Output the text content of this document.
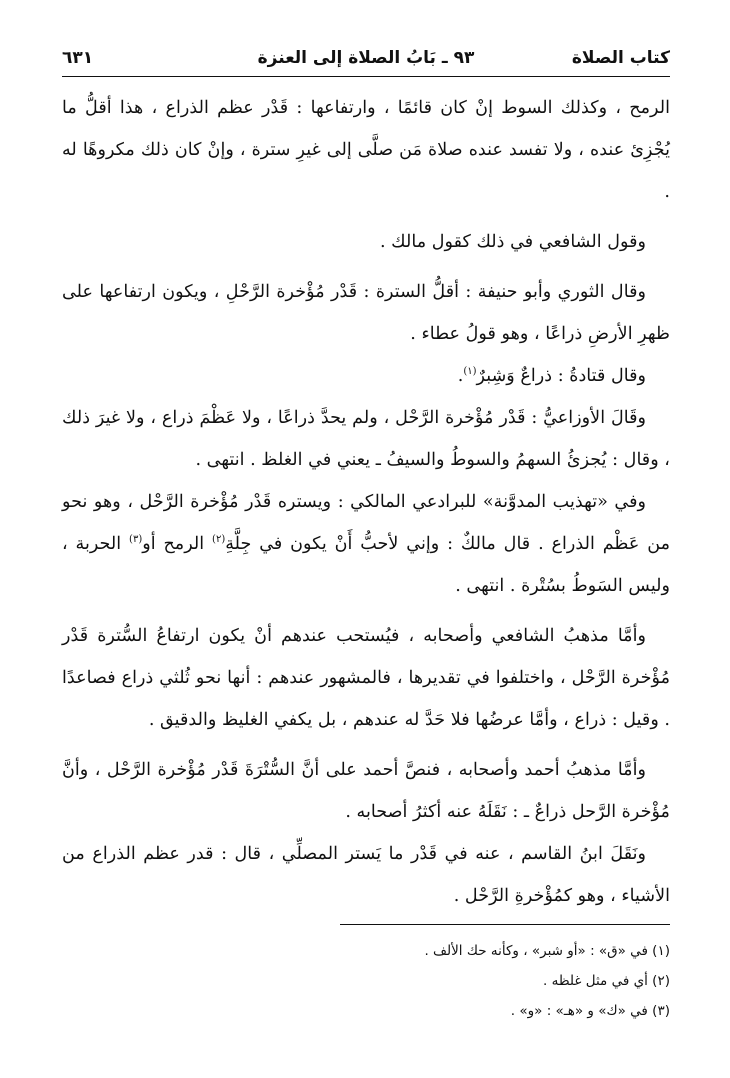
كتاب الصلاة
٩٣ ـ بَابُ الصلاة إلى العنزة
٦٣١

الرمح ، وكذلك السوط إنْ كان قائمًا ، وارتفاعها : قَدْر عظم الذراع ، هذا أقلُّ ما يُجْزِئ عنده ، ولا تفسد عنده صلاة مَن صلَّى إلى غيرِ سترة ، وإنْ كان ذلك مكروهًا له .

وقول الشافعي في ذلك كقول مالك .

وقال الثوري وأبو حنيفة : أقلُّ السترة : قَدْر مُؤْخرة الرَّحْلِ ، ويكون ارتفاعها على ظهرِ الأرضِ ذراعًا ، وهو قولُ عطاء .

وقال قتادةُ : ذراعٌ وَشِبرٌ$^{(١)}$.

وقَالَ الأوزاعيُّ : قَدْر مُؤْخرة الرَّحْل ، ولم يحدَّ ذراعًا ، ولا عَظْمَ ذراع ، ولا غيرَ ذلك ، وقال : يُجزئُ السهمُ والسوطُ والسيفُ ـ يعني في الغلظ . انتهى .

وفي «تهذيب المدوَّنة» للبرادعي المالكي : ويستره قَدْر مُؤْخرة الرَّحْل ، وهو نحو من عَظْم الذراع . قال مالكٌ : وإني لأحبُّ أَنْ يكون في جِلَّةِ$^{(٢)}$ الرمح أو$^{(٣)}$ الحربة ، وليس السَوطُ بسُتْرة . انتهى .

وأمَّا مذهبُ الشافعي وأصحابه ، فيُستحب عندهم أنْ يكون ارتفاعُ السُّترة قَدْر مُؤْخرة الرَّحْل ، واختلفوا في تقديرها ، فالمشهور عندهم : أنها نحو ثُلثي ذراع فصاعدًا . وقيل : ذراع ، وأمَّا عرضُها فلا حَدَّ له عندهم ، بل يكفي الغليظ والدقيق .

وأمَّا مذهبُ أحمد وأصحابه ، فنصَّ أحمد على أنَّ السُّتْرَةَ قَدْر مُؤْخرة الرَّحْل ، وأنَّ مُؤْخرة الرَّحل ذراعٌ ـ : نَقَلَهُ عنه أكثرُ أصحابه .

ونَقَلَ ابنُ القاسم ، عنه في قَدْر ما يَستر المصلِّي ، قال : قدر عظم الذراع من الأشياء ، وهو كمُؤْخرةِ الرَّحْل .

(١) في «ق» : «أو شبر» ، وكأنه حك الألف .
(٢) أي في مثل غلظه .
(٣) في «ك» و «هـ» : «و» .
